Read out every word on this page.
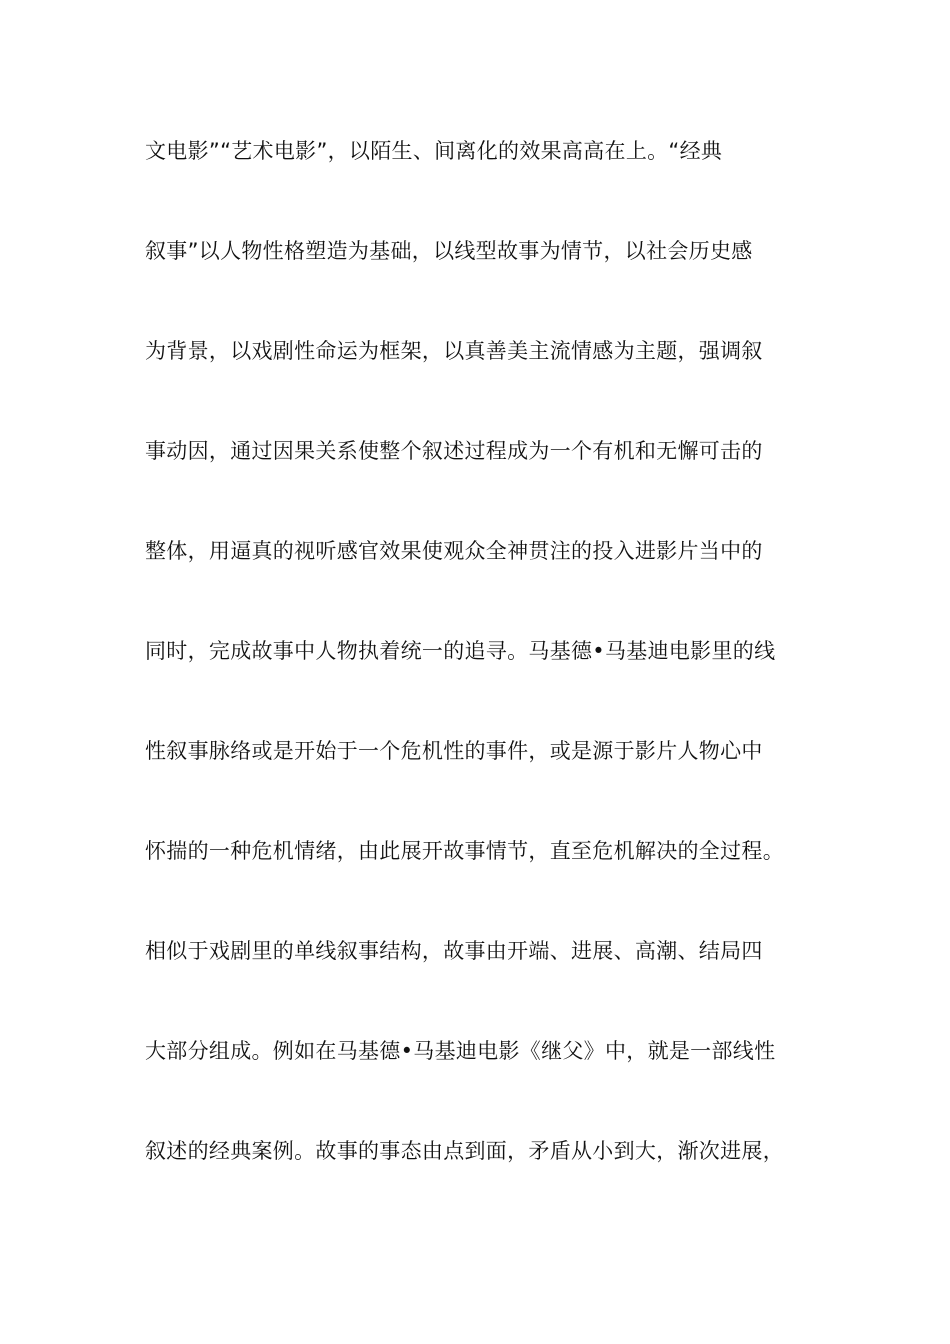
文电影”“艺术电影”，以陌生、间离化的效果高高在上。“经典
叙事”以人物性格塑造为基础，以线型故事为情节，以社会历史感
为背景，以戏剧性命运为框架，以真善美主流情感为主题，强调叙
事动因，通过因果关系使整个叙述过程成为一个有机和无懈可击的
整体，用逼真的视听感官效果使观众全神贯注的投入进影片当中的
同时，完成故事中人物执着统一的追寻。马基德•马基迪电影里的线
性叙事脉络或是开始于一个危机性的事件，或是源于影片人物心中
怀揣的一种危机情绪，由此展开故事情节，直至危机解决的全过程。
相似于戏剧里的单线叙事结构，故事由开端、进展、高潮、结局四
大部分组成。例如在马基德•马基迪电影《继父》中，就是一部线性
叙述的经典案例。故事的事态由点到面，矛盾从小到大，渐次进展，
